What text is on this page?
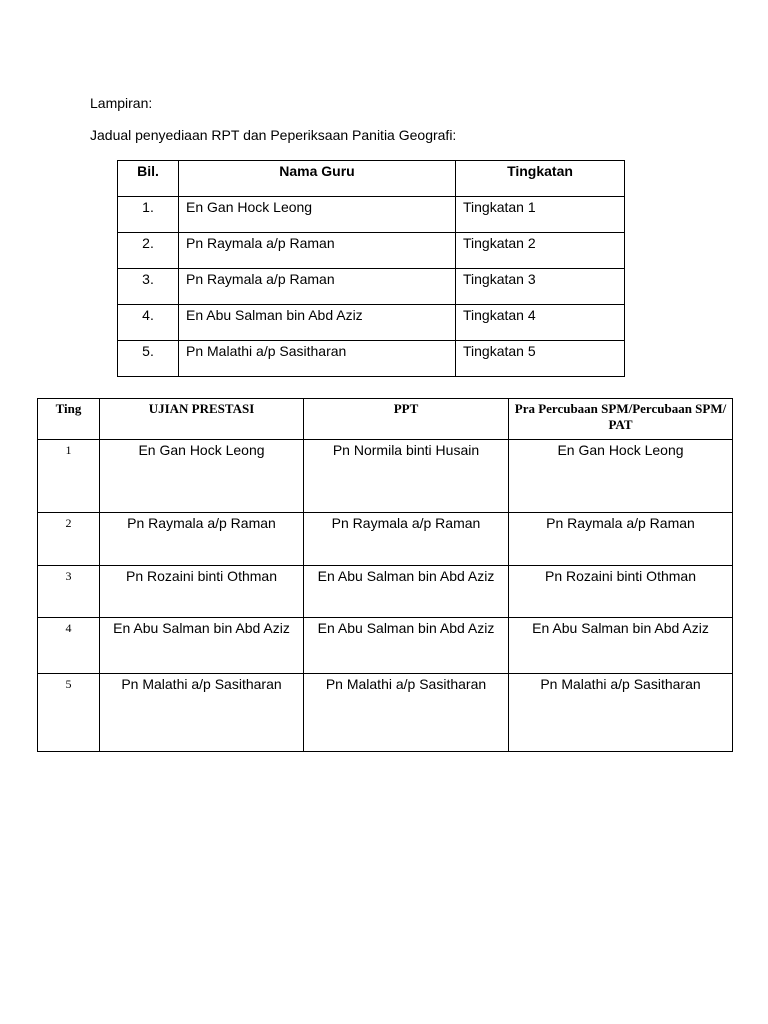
Lampiran:
Jadual penyediaan RPT dan Peperiksaan Panitia Geografi:
Bil.	Nama Guru	Tingkatan
1.	En Gan Hock Leong	Tingkatan 1
2.	Pn Raymala a/p Raman	Tingkatan 2
3.	Pn Raymala a/p Raman	Tingkatan 3
4.	En Abu Salman bin Abd Aziz	Tingkatan 4
5.	Pn Malathi a/p Sasitharan	Tingkatan 5
Ting	UJIAN PRESTASI	PPT	Pra Percubaan SPM/Percubaan SPM/ PAT
1	En Gan Hock Leong	Pn Normila binti Husain	En Gan Hock Leong
2	Pn Raymala a/p Raman	Pn Raymala a/p Raman	Pn Raymala a/p Raman
3	Pn Rozaini binti Othman	En Abu Salman bin Abd Aziz	Pn Rozaini binti Othman
4	En Abu Salman bin Abd Aziz	En Abu Salman bin Abd Aziz	En Abu Salman bin Abd Aziz
5	Pn Malathi a/p Sasitharan	Pn Malathi a/p Sasitharan	Pn Malathi a/p Sasitharan
